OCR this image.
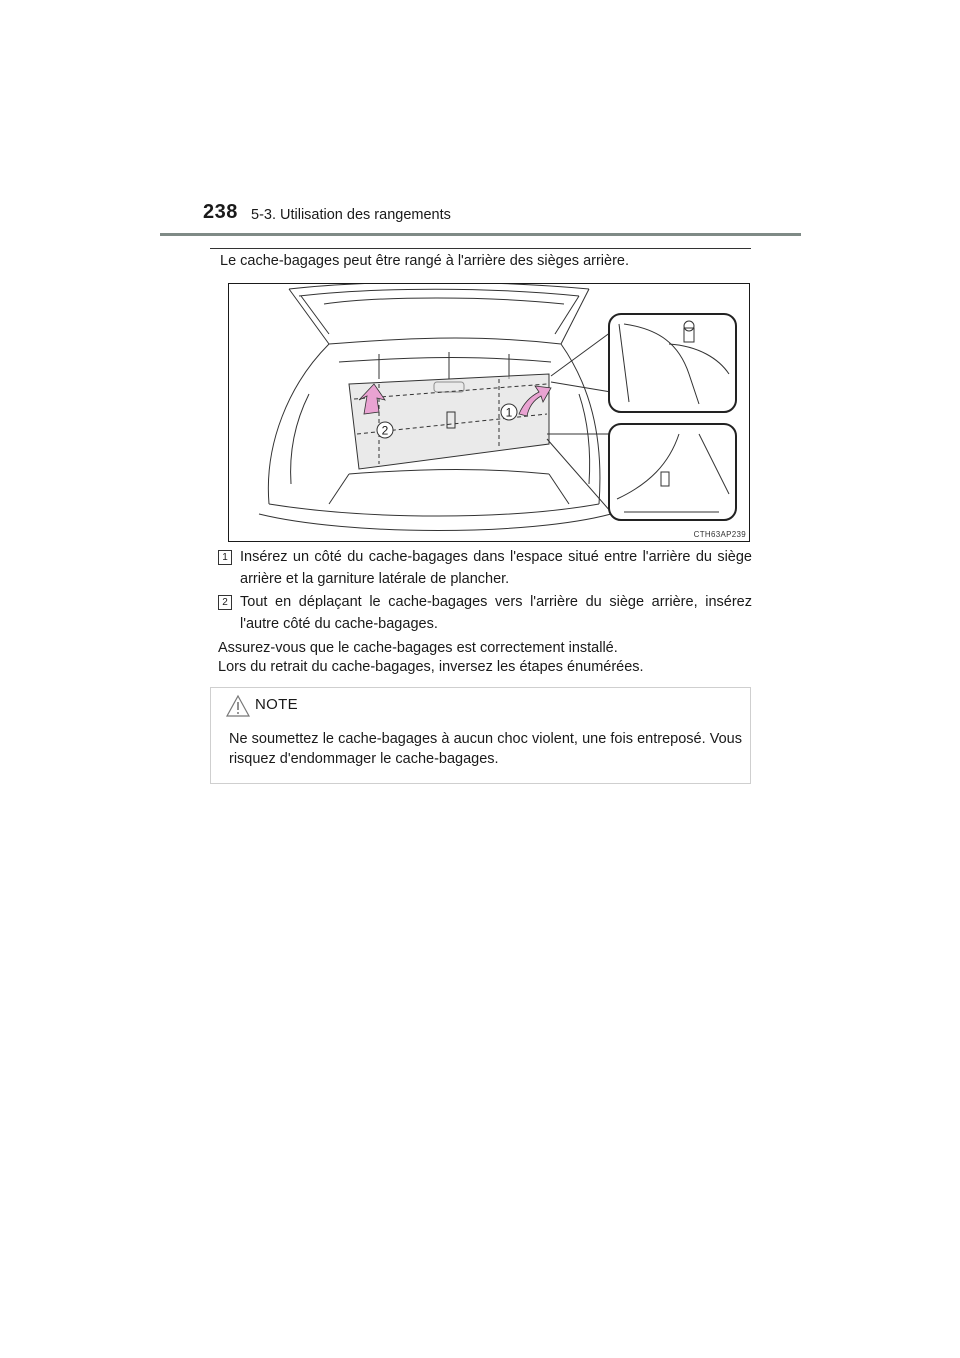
238 5-3. Utilisation des rangements
Le cache-bagages peut être rangé à l'arrière des sièges arrière.
1
2
CTH63AP239
1 Insérez un côté du cache-bagages dans l'espace situé entre l'arrière du siège arrière et la garniture latérale de plancher.
2 Tout en déplaçant le cache-bagages vers l'arrière du siège arrière, insérez l'autre côté du cache-bagages.
Assurez-vous que le cache-bagages est correctement installé.
Lors du retrait du cache-bagages, inversez les étapes énumérées.
NOTE
Ne soumettez le cache-bagages à aucun choc violent, une fois entreposé. Vous risquez d'endommager le cache-bagages.
